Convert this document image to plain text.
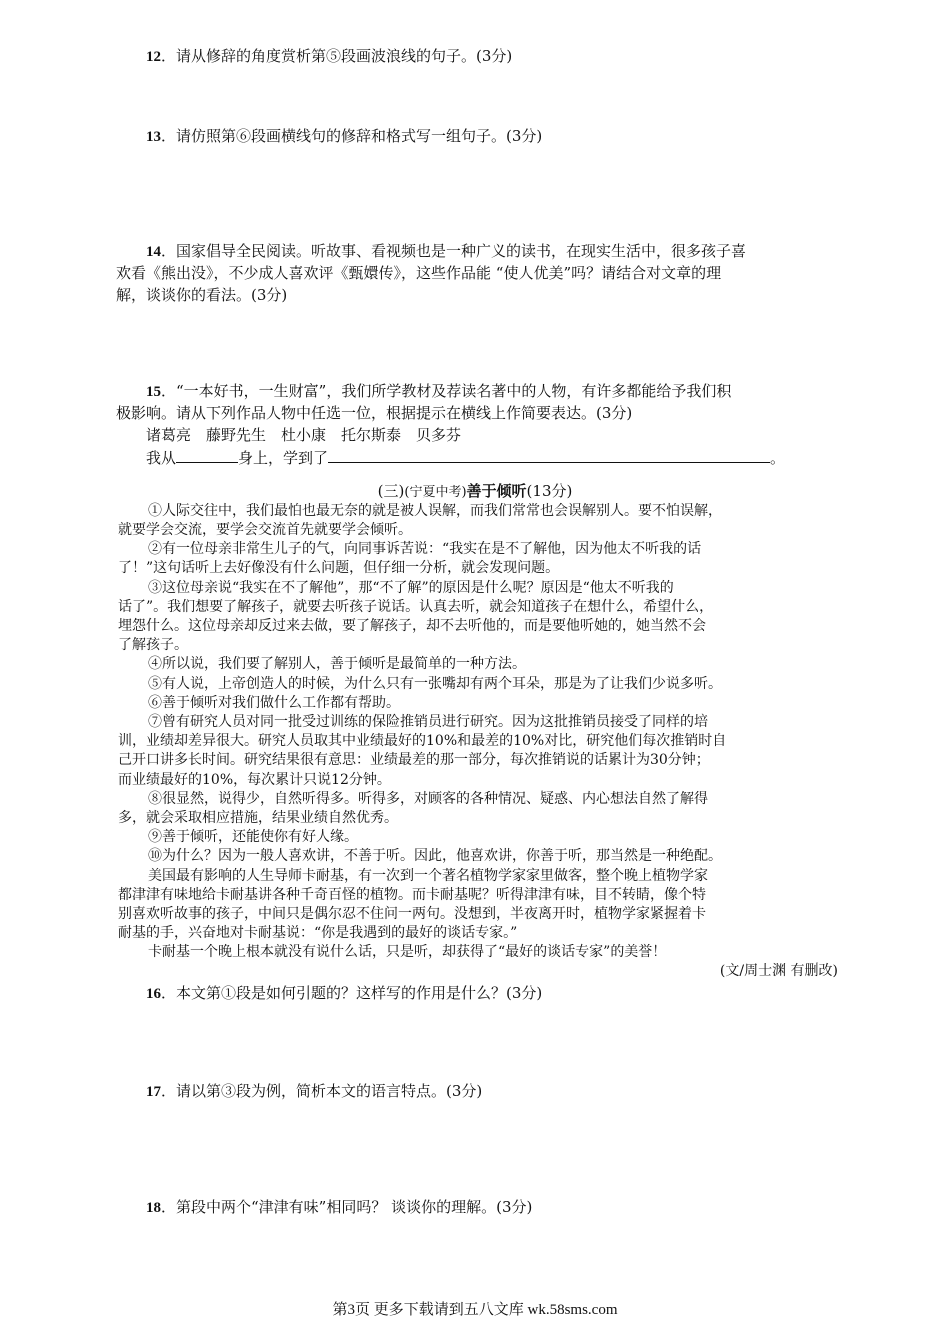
12．请从修辞的角度赏析第⑤段画波浪线的句子。(3分)
13．请仿照第⑥段画横线句的修辞和格式写一组句子。(3分)
14．国家倡导全民阅读。听故事、看视频也是一种广义的读书，在现实生活中，很多孩子喜
欢看《熊出没》，不少成人喜欢评《甄嬛传》，这些作品能 “使人优美”吗？请结合对文章的理
解，谈谈你的看法。(3分)
15．“一本好书，一生财富”，我们所学教材及荐读名著中的人物，有许多都能给予我们积
极影响。请从下列作品人物中任选一位，根据提示在横线上作简要表达。(3分)
诸葛亮　藤野先生　杜小康　托尔斯泰　贝多芬
我从	身上，学到了	。
(三)(宁夏中考)善于倾听(13分)
①人际交往中，我们最怕也最无奈的就是被人误解，而我们常常也会误解别人。要不怕误解，
就要学会交流，要学会交流首先就要学会倾听。
②有一位母亲非常生儿子的气，向同事诉苦说：“我实在是不了解他，因为他太不听我的话
了！”这句话听上去好像没有什么问题，但仔细一分析，就会发现问题。
③这位母亲说“我实在不了解他”，那“不了解”的原因是什么呢？原因是“他太不听我的
话了”。我们想要了解孩子，就要去听孩子说话。认真去听，就会知道孩子在想什么，希望什么，
埋怨什么。这位母亲却反过来去做，要了解孩子，却不去听他的，而是要他听她的，她当然不会
了解孩子。
④所以说，我们要了解别人，善于倾听是最简单的一种方法。
⑤有人说，上帝创造人的时候，为什么只有一张嘴却有两个耳朵，那是为了让我们少说多听。
⑥善于倾听对我们做什么工作都有帮助。
⑦曾有研究人员对同一批受过训练的保险推销员进行研究。因为这批推销员接受了同样的培
训，业绩却差异很大。研究人员取其中业绩最好的10%和最差的10%对比，研究他们每次推销时自
己开口讲多长时间。研究结果很有意思：业绩最差的那一部分，每次推销说的话累计为30分钟；
而业绩最好的10%，每次累计只说12分钟。
⑧很显然，说得少，自然听得多。听得多，对顾客的各种情况、疑惑、内心想法自然了解得
多，就会采取相应措施，结果业绩自然优秀。
⑨善于倾听，还能使你有好人缘。
⑩为什么？因为一般人喜欢讲，不善于听。因此，他喜欢讲，你善于听，那当然是一种绝配。
美国最有影响的人生导师卡耐基，有一次到一个著名植物学家家里做客，整个晚上植物学家
都津津有味地给卡耐基讲各种千奇百怪的植物。而卡耐基呢？听得津津有味，目不转睛，像个特
别喜欢听故事的孩子，中间只是偶尔忍不住问一两句。没想到，半夜离开时，植物学家紧握着卡
耐基的手，兴奋地对卡耐基说：“你是我遇到的最好的谈话专家。”
卡耐基一个晚上根本就没有说什么话，只是听，却获得了“最好的谈话专家”的美誉！
(文/周士渊 有删改)
16．本文第①段是如何引题的？这样写的作用是什么？(3分)
17．请以第③段为例，简析本文的语言特点。(3分)
18．第段中两个“津津有味”相同吗？ 谈谈你的理解。(3分)
第3页 更多下载请到五八文库 wk.58sms.com
